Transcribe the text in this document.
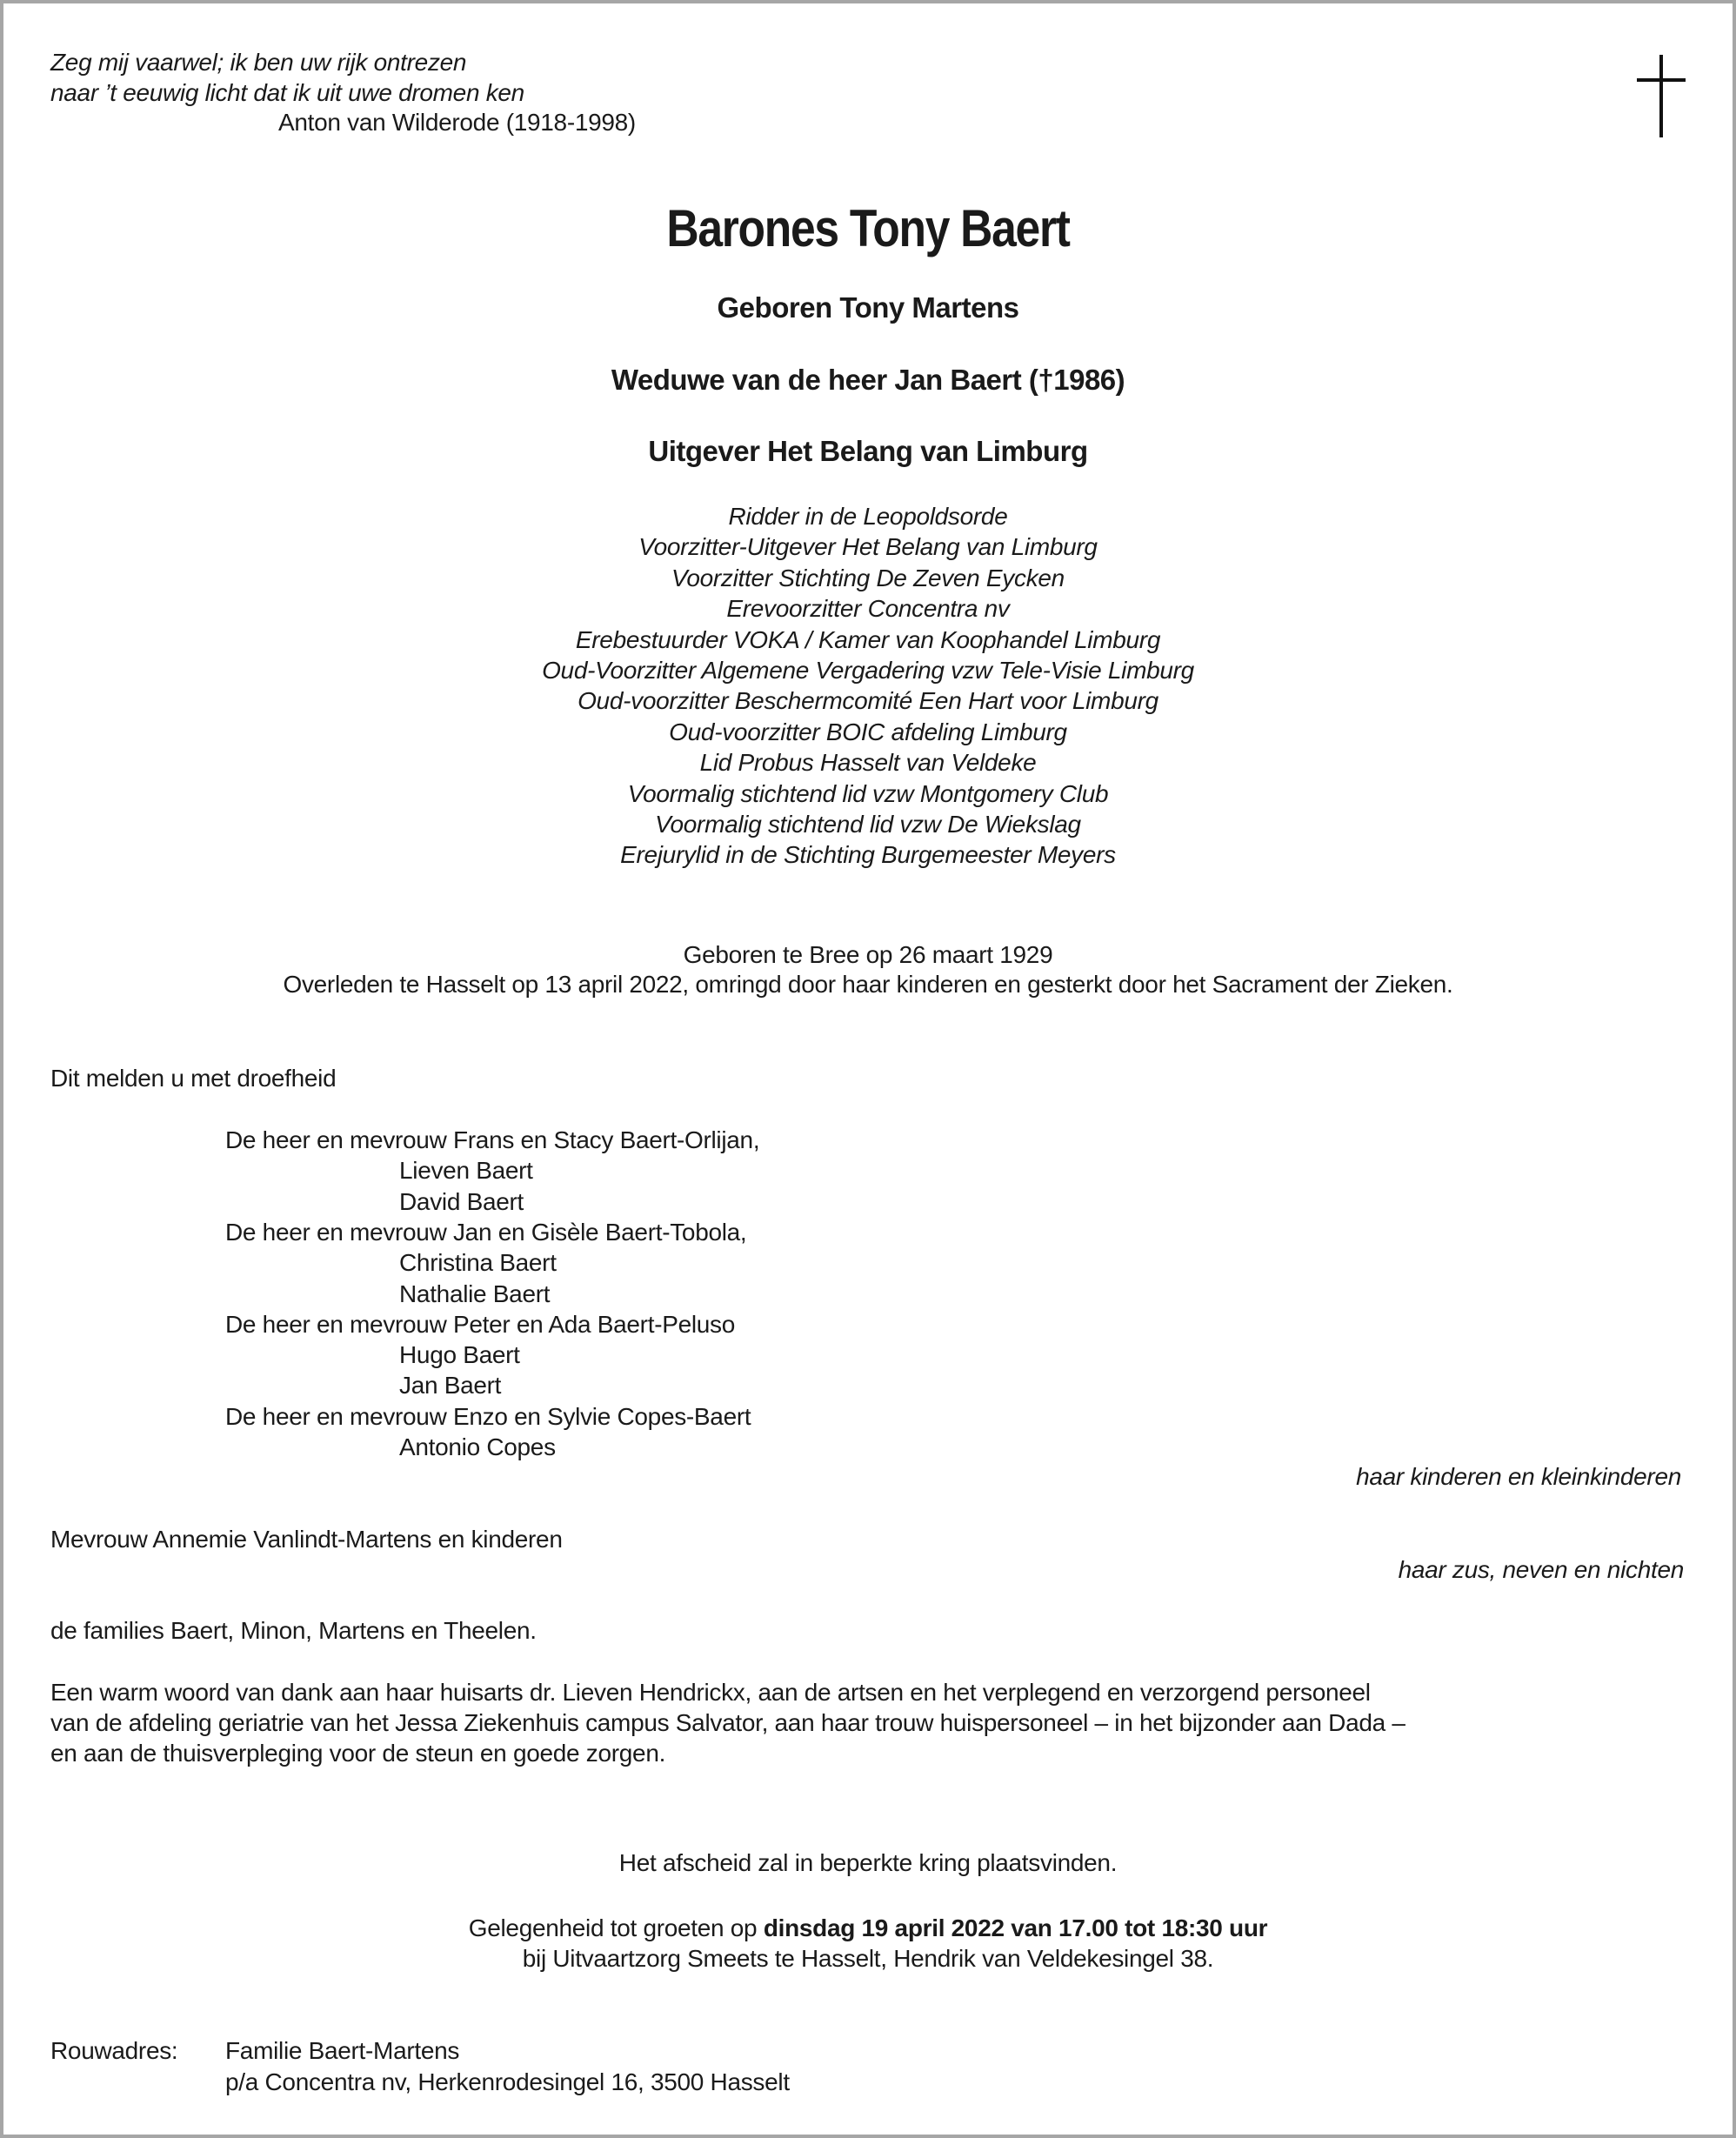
Zeg mij vaarwel; ik ben uw rijk ontrezen
naar ’t eeuwig licht dat ik uit uwe dromen ken
Anton van Wilderode (1918-1998)
Barones Tony Baert
Geboren Tony Martens
Weduwe van de heer Jan Baert (†1986)
Uitgever Het Belang van Limburg
Ridder in de Leopoldsorde
Voorzitter-Uitgever Het Belang van Limburg
Voorzitter Stichting De Zeven Eycken
Erevoorzitter Concentra nv
Erebestuurder VOKA / Kamer van Koophandel Limburg
Oud-Voorzitter Algemene Vergadering vzw Tele-Visie Limburg
Oud-voorzitter Beschermcomité Een Hart voor Limburg
Oud-voorzitter BOIC afdeling Limburg
Lid Probus Hasselt van Veldeke
Voormalig stichtend lid vzw Montgomery Club
Voormalig stichtend lid vzw De Wiekslag
Erejurylid in de Stichting Burgemeester Meyers
Geboren te Bree op 26 maart 1929
Overleden te Hasselt op 13 april 2022, omringd door haar kinderen en gesterkt door het Sacrament der Zieken.
Dit melden u met droefheid
De heer en mevrouw Frans en Stacy Baert-Orlijan,
Lieven Baert
David Baert
De heer en mevrouw Jan en Gisèle Baert-Tobola,
Christina Baert
Nathalie Baert
De heer en mevrouw Peter en Ada Baert-Peluso
Hugo Baert
Jan Baert
De heer en mevrouw Enzo en Sylvie Copes-Baert
Antonio Copes
haar kinderen en kleinkinderen
Mevrouw Annemie Vanlindt-Martens en kinderen
haar zus, neven en nichten
de families Baert, Minon, Martens en Theelen.
Een warm woord van dank aan haar huisarts dr. Lieven Hendrickx, aan de artsen en het verplegend en verzorgend personeel
van de afdeling geriatrie van het Jessa Ziekenhuis campus Salvator, aan haar trouw huispersoneel – in het bijzonder aan Dada –
en aan de thuisverpleging voor de steun en goede zorgen.
Het afscheid zal in beperkte kring plaatsvinden.
Gelegenheid tot groeten op dinsdag 19 april 2022 van 17.00 tot 18:30 uur
bij Uitvaartzorg Smeets te Hasselt, Hendrik van Veldekesingel 38.
Rouwadres: Familie Baert-Martens
p/a Concentra nv, Herkenrodesingel 16, 3500 Hasselt
